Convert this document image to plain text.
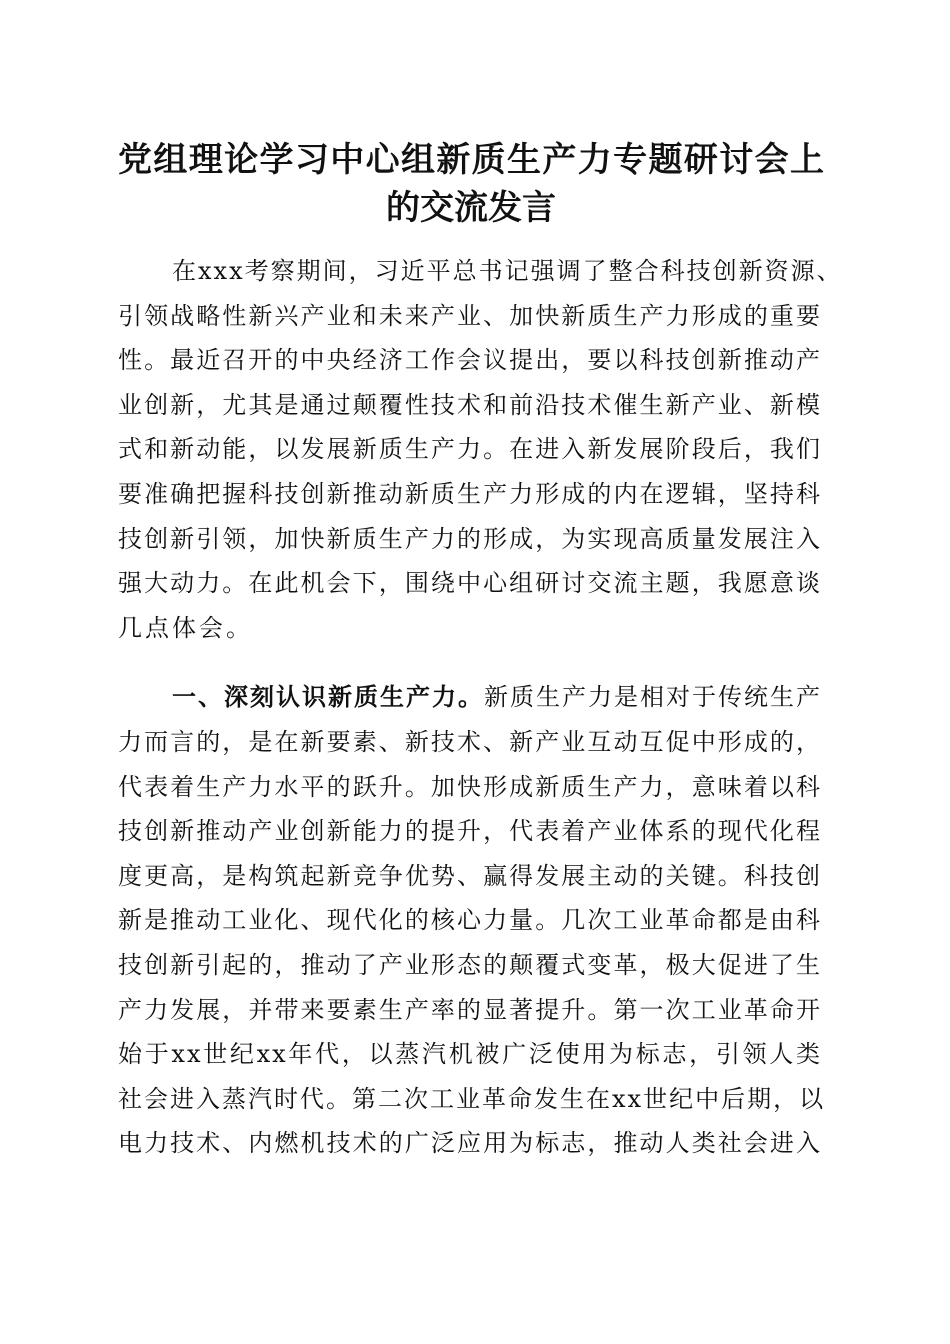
党组理论学习中心组新质生产力专题研讨会上
的交流发言
在xxx考察期间，习近平总书记强调了整合科技创新资源、
引领战略性新兴产业和未来产业、加快新质生产力形成的重要
性。最近召开的中央经济工作会议提出，要以科技创新推动产
业创新，尤其是通过颠覆性技术和前沿技术催生新产业、新模
式和新动能，以发展新质生产力。在进入新发展阶段后，我们
要准确把握科技创新推动新质生产力形成的内在逻辑，坚持科
技创新引领，加快新质生产力的形成，为实现高质量发展注入
强大动力。在此机会下，围绕中心组研讨交流主题，我愿意谈
几点体会。
一、深刻认识新质生产力。新质生产力是相对于传统生产
力而言的，是在新要素、新技术、新产业互动互促中形成的，
代表着生产力水平的跃升。加快形成新质生产力，意味着以科
技创新推动产业创新能力的提升，代表着产业体系的现代化程
度更高，是构筑起新竞争优势、赢得发展主动的关键。科技创
新是推动工业化、现代化的核心力量。几次工业革命都是由科
技创新引起的，推动了产业形态的颠覆式变革，极大促进了生
产力发展，并带来要素生产率的显著提升。第一次工业革命开
始于xx世纪xx年代，以蒸汽机被广泛使用为标志，引领人类
社会进入蒸汽时代。第二次工业革命发生在xx世纪中后期，以
电力技术、内燃机技术的广泛应用为标志，推动人类社会进入
